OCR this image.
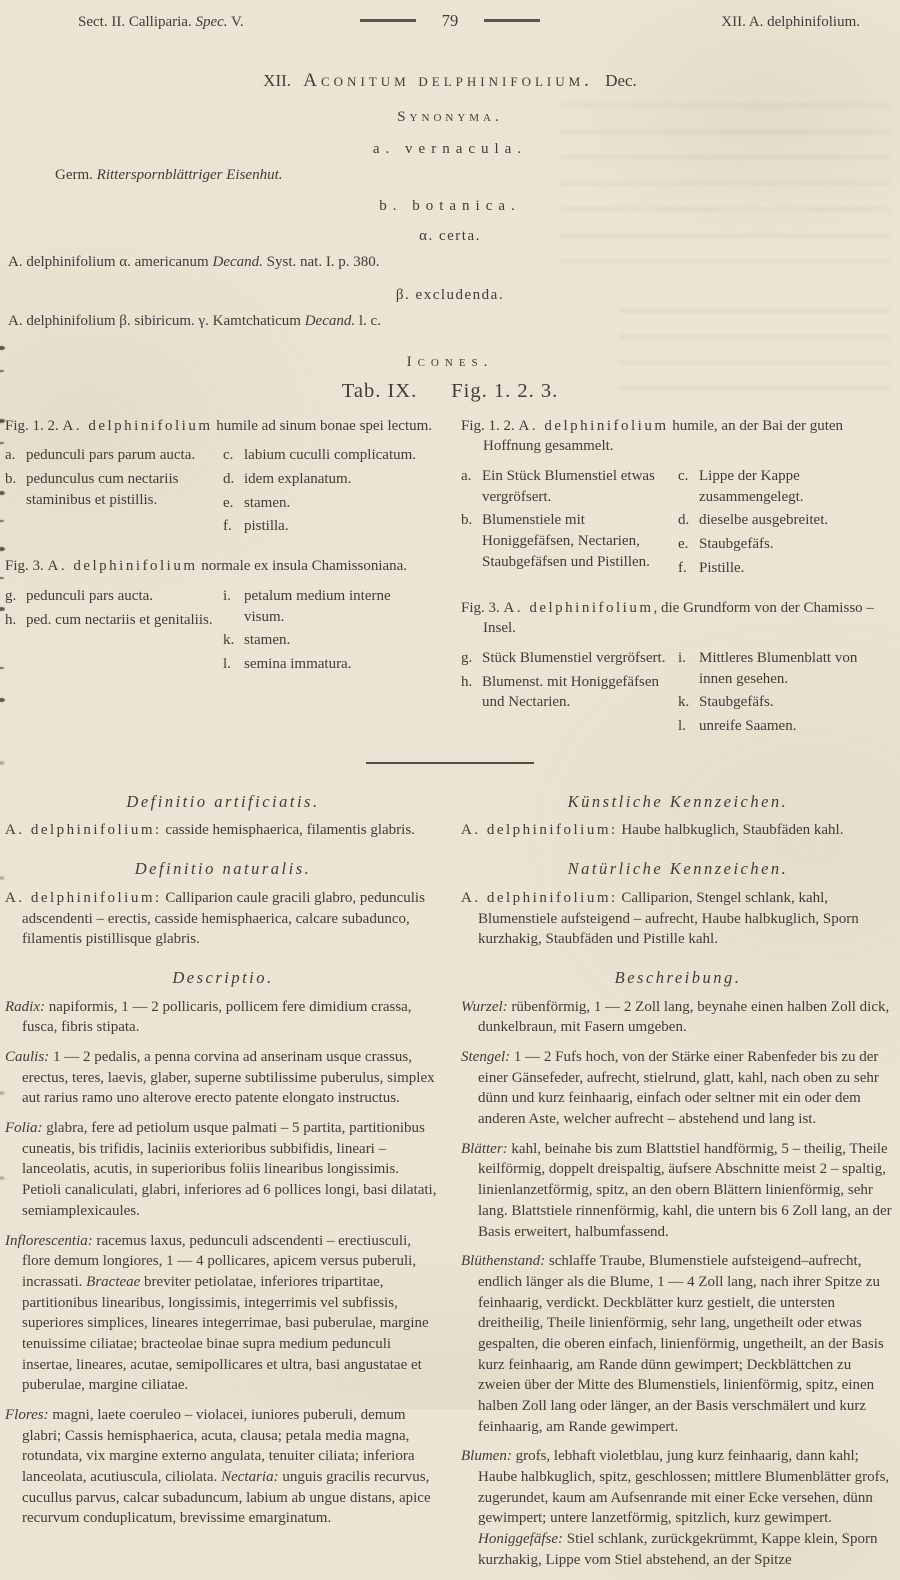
Sect. II. Calliparia. Spec. V.	79	XII. A. delphinifolium.
XII. Aconitum delphinifolium. Dec.
Synonyma.
a. vernacula.
Germ. Ritterspornblättriger Eisenhut.
b. botanica.
α. certa.
A. delphinifolium α. americanum Decand. Syst. nat. I. p. 380.
β. excludenda.
A. delphinifolium β. sibiricum. γ. Kamtchaticum Decand. l. c.
Icones.
Tab. IX. Fig. 1. 2. 3.
Fig. 1. 2. A. delphinifolium humile ad sinum bonae spei lectum.
a. pedunculi pars parum aucta.
b. pedunculus cum nectariis staminibus et pistillis.
c. labium cuculli complicatum.
d. idem explanatum.
e. stamen.
f. pistilla.
Fig. 3. A. delphinifolium normale ex insula Chamissoniana.
g. pedunculi pars aucta.
h. ped. cum nectariis et genitaliis.
i. petalum medium interne visum.
k. stamen.
l. semina immatura.
Fig. 1. 2. A. delphinifolium humile, an der Bai der guten Hoffnung gesammelt.
a. Ein Stück Blumenstiel etwas vergröfsert.
b. Blumenstiele mit Honiggefäfsen, Nectarien, Staubgefäfsen und Pistillen.
c. Lippe der Kappe zusammengelegt.
d. dieselbe ausgebreitet.
e. Staubgefäfs.
f. Pistille.
Fig. 3. A. delphinifolium, die Grundform von der Chamisso – Insel.
g. Stück Blumenstiel vergröfsert.
h. Blumenst. mit Honiggefäfsen und Nectarien.
i. Mittleres Blumenblatt von innen gesehen.
k. Staubgefäfs.
l. unreife Saamen.
Definitio artificiatis.
A. delphinifolium: casside hemisphaerica, filamentis glabris.
Definitio naturalis.
A. delphinifolium: Calliparion caule gracili glabro, pedunculis adscendenti – erectis, casside hemisphaerica, calcare subadunco, filamentis pistillisque glabris.
Descriptio.
Radix: napiformis, 1 — 2 pollicaris, pollicem fere dimidium crassa, fusca, fibris stipata.
Caulis: 1 — 2 pedalis, a penna corvina ad anserinam usque crassus, erectus, teres, laevis, glaber, superne subtilissime puberulus, simplex aut rarius ramo uno alterove erecto patente elongato instructus.
Folia: glabra, fere ad petiolum usque palmati – 5 partita, partitionibus cuneatis, bis trifidis, laciniis exterioribus subbifidis, lineari – lanceolatis, acutis, in superioribus foliis linearibus longissimis. Petioli canaliculati, glabri, inferiores ad 6 pollices longi, basi dilatati, semiamplexicaules.
Inflorescentia: racemus laxus, pedunculi adscendenti – erectiusculi, flore demum longiores, 1 — 4 pollicares, apicem versus puberuli, incrassati. Bracteae breviter petiolatae, inferiores tripartitae, partitionibus linearibus, longissimis, integerrimis vel subfissis, superiores simplices, lineares integerrimae, basi puberulae, margine tenuissime ciliatae; bracteolae binae supra medium pedunculi insertae, lineares, acutae, semipollicares et ultra, basi angustatae et puberulae, margine ciliatae.
Flores: magni, laete coeruleo – violacei, iuniores puberuli, demum glabri; Cassis hemisphaerica, acuta, clausa; petala media magna, rotundata, vix margine externo angulata, tenuiter ciliata; inferiora lanceolata, acutiuscula, ciliolata. Nectaria: unguis gracilis recurvus, cucullus parvus, calcar subaduncum, labium ab ungue distans, apice recurvum conduplicatum, brevissime emarginatum.
Künstliche Kennzeichen.
A. delphinifolium: Haube halbkuglich, Staubfäden kahl.
Natürliche Kennzeichen.
A. delphinifolium: Calliparion, Stengel schlank, kahl, Blumenstiele aufsteigend – aufrecht, Haube halbkuglich, Sporn kurzhakig, Staubfäden und Pistille kahl.
Beschreibung.
Wurzel: rübenförmig, 1 — 2 Zoll lang, beynahe einen halben Zoll dick, dunkelbraun, mit Fasern umgeben.
Stengel: 1 — 2 Fufs hoch, von der Stärke einer Rabenfeder bis zu der einer Gänsefeder, aufrecht, stielrund, glatt, kahl, nach oben zu sehr dünn und kurz feinhaarig, einfach oder seltner mit ein oder dem anderen Aste, welcher aufrecht – abstehend und lang ist.
Blätter: kahl, beinahe bis zum Blattstiel handförmig, 5 – theilig, Theile keilförmig, doppelt dreispaltig, äufsere Abschnitte meist 2 – spaltig, linienlanzetförmig, spitz, an den obern Blättern linienförmig, sehr lang. Blattstiele rinnenförmig, kahl, die untern bis 6 Zoll lang, an der Basis erweitert, halbumfassend.
Blüthenstand: schlaffe Traube, Blumenstiele aufsteigend–aufrecht, endlich länger als die Blume, 1 — 4 Zoll lang, nach ihrer Spitze zu feinhaarig, verdickt. Deckblätter kurz gestielt, die untersten dreitheilig, Theile linienförmig, sehr lang, ungetheilt oder etwas gespalten, die oberen einfach, linienförmig, ungetheilt, an der Basis kurz feinhaarig, am Rande dünn gewimpert; Deckblättchen zu zweien über der Mitte des Blumenstiels, linienförmig, spitz, einen halben Zoll lang oder länger, an der Basis verschmälert und kurz feinhaarig, am Rande gewimpert.
Blumen: grofs, lebhaft violetblau, jung kurz feinhaarig, dann kahl; Haube halbkuglich, spitz, geschlossen; mittlere Blumenblätter grofs, zugerundet, kaum am Aufsenrande mit einer Ecke versehen, dünn gewimpert; untere lanzetförmig, spitzlich, kurz gewimpert. Honiggefäfse: Stiel schlank, zurückgekrümmt, Kappe klein, Sporn kurzhakig, Lippe vom Stiel abstehend, an der Spitze
